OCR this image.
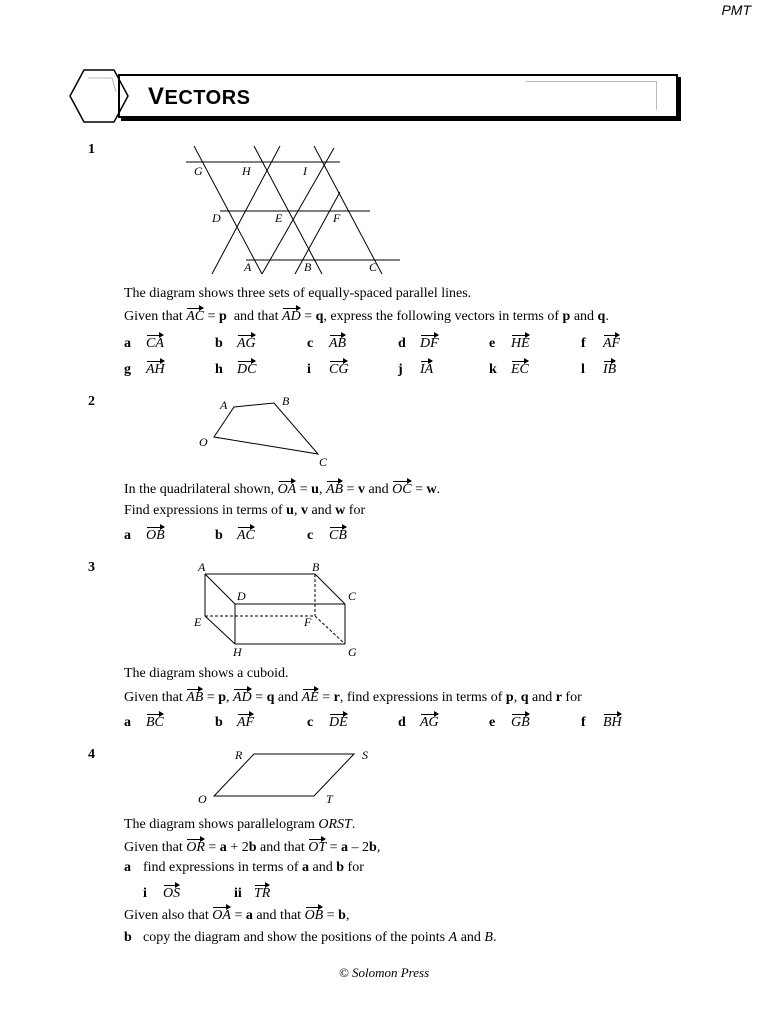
PMT
VECTORS
1
G	H	I
D	E	F
A	B	C
The diagram shows three sets of equally-spaced parallel lines.
Given that AC = p and that AD = q, express the following vectors in terms of p and q.
a CA	b AG	c AB	d DF	e HE	f AF
g AH	h DC	i CG	j IA	k EC	l IB
2	A	B
O
C
In the quadrilateral shown, OA = u, AB = v and OC = w.
Find expressions in terms of u, v and w for
a OB	b AC	c CB
3	A	B
D	C
E	F
H	G
The diagram shows a cuboid.
Given that AB = p, AD = q and AE = r, find expressions in terms of p, q and r for
a BC	b AF	c DE	d AG	e GB	f BH
4	R	S
O	T
The diagram shows parallelogram ORST.
Given that OR = a + 2b and that OT = a – 2b,
a find expressions in terms of a and b for
i OS	ii TR
Given also that OA = a and that OB = b,
b copy the diagram and show the positions of the points A and B.
© Solomon Press
